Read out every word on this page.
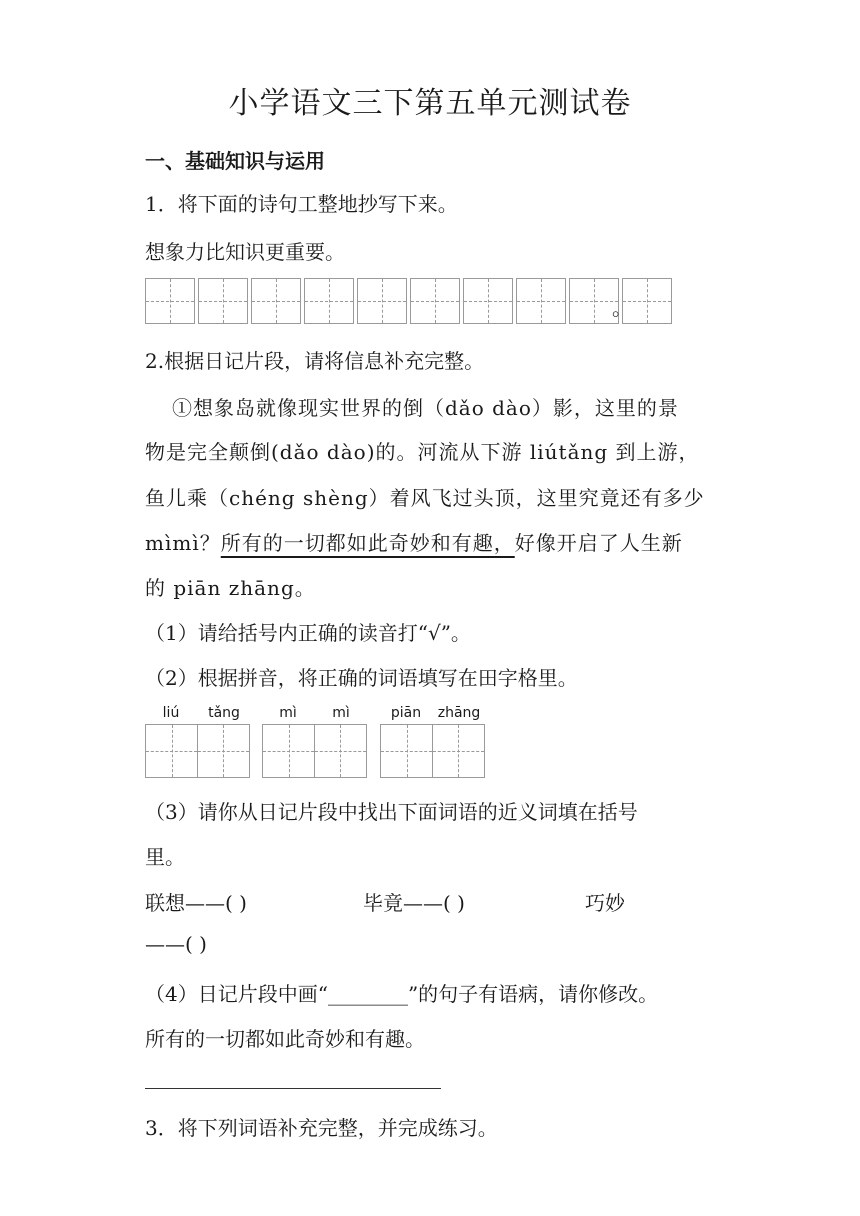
小学语文三下第五单元测试卷
一、基础知识与运用
1．将下面的诗句工整地抄写下来。
想象力比知识更重要。
。
2.根据日记片段，请将信息补充完整。
①想象岛就像现实世界的倒（dǎo dào）影，这里的景
物是完全颠倒(dǎo dào)的。河流从下游 liútǎng 到上游，
鱼儿乘（chéng shèng）着风飞过头顶，这里究竟还有多少
mìmì？所有的一切都如此奇妙和有趣，好像开启了人生新
的 piān zhāng。
（1）请给括号内正确的读音打“√”。
（2）根据拼音，将正确的词语填写在田字格里。
liú	tǎng	mì	mì	piān	zhāng
（3）请你从日记片段中找出下面词语的近义词填在括号
里。
联想——( )	毕竟——( )	巧妙
——( )
（4）日记片段中画“________”的句子有语病，请你修改。
所有的一切都如此奇妙和有趣。
3．将下列词语补充完整，并完成练习。
